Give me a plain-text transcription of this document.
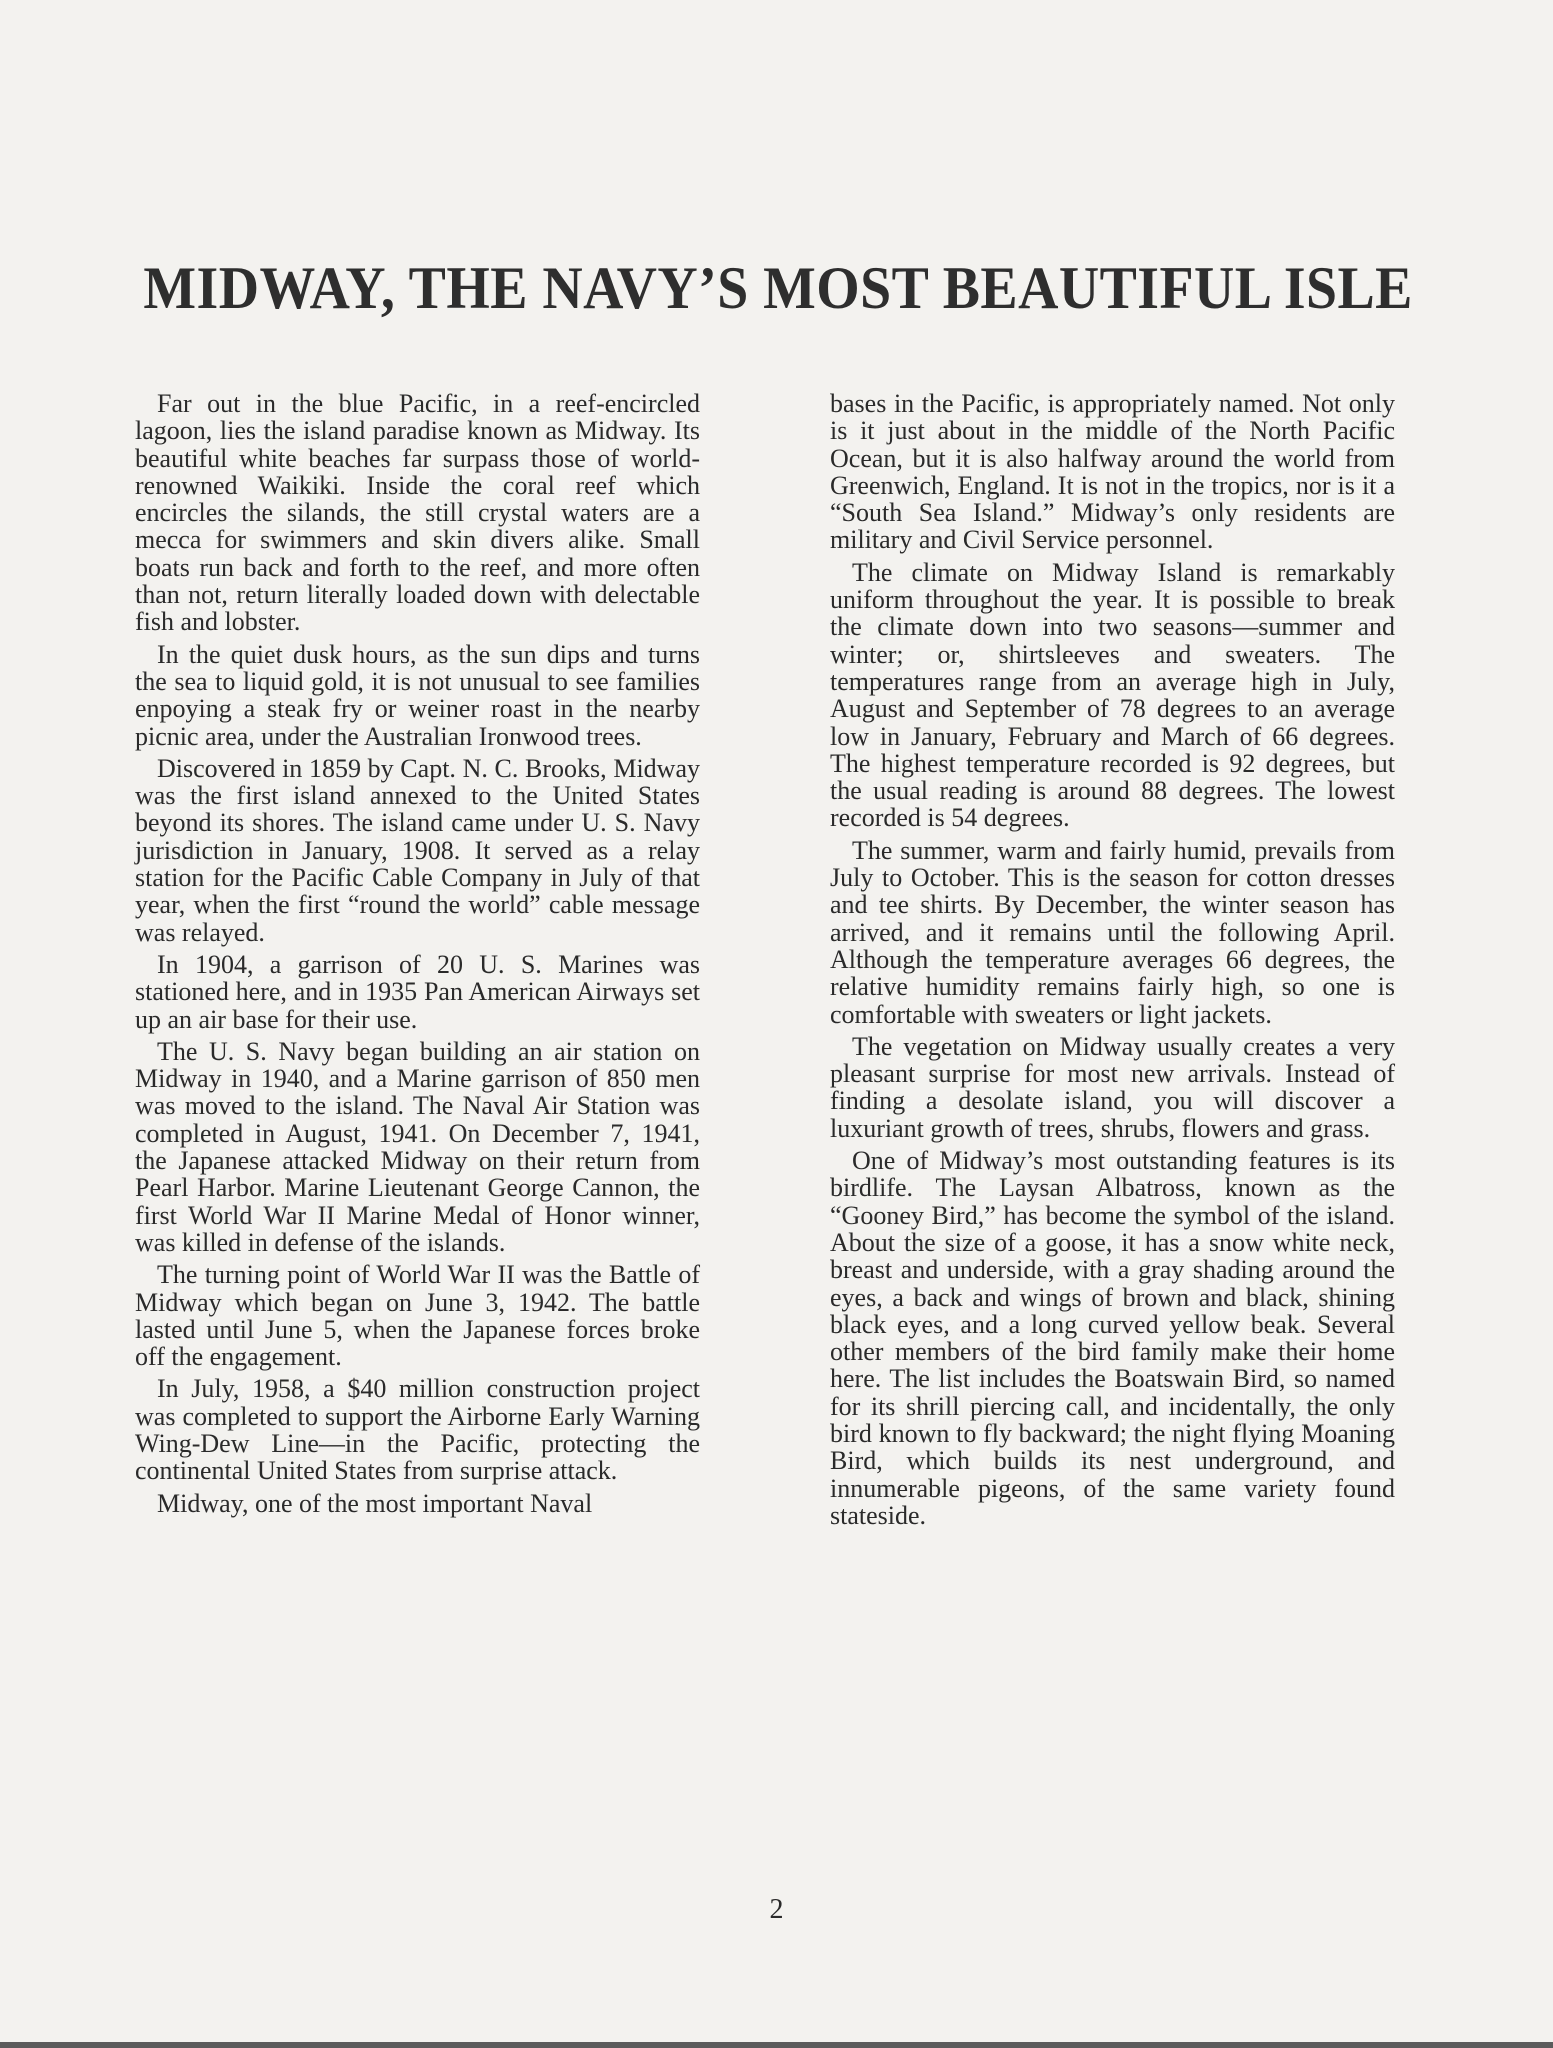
MIDWAY, THE NAVY’S MOST BEAUTIFUL ISLE

Far out in the blue Pacific, in a reef-encircled lagoon, lies the island paradise known as Midway. Its beautiful white beaches far surpass those of world-renowned Waikiki. Inside the coral reef which encircles the silands, the still crystal waters are a mecca for swimmers and skin divers alike. Small boats run back and forth to the reef, and more often than not, return literally loaded down with delectable fish and lobster.

In the quiet dusk hours, as the sun dips and turns the sea to liquid gold, it is not unusual to see families enpoying a steak fry or weiner roast in the nearby picnic area, under the Australian Ironwood trees.

Discovered in 1859 by Capt. N. C. Brooks, Midway was the first island annexed to the United States beyond its shores. The island came under U. S. Navy jurisdiction in January, 1908. It served as a relay station for the Pacific Cable Company in July of that year, when the first “round the world” cable message was relayed.

In 1904, a garrison of 20 U. S. Marines was stationed here, and in 1935 Pan American Airways set up an air base for their use.

The U. S. Navy began building an air station on Midway in 1940, and a Marine garrison of 850 men was moved to the island. The Naval Air Station was completed in August, 1941. On December 7, 1941, the Japanese attacked Midway on their return from Pearl Harbor. Marine Lieutenant George Cannon, the first World War II Marine Medal of Honor winner, was killed in defense of the islands.

The turning point of World War II was the Battle of Midway which began on June 3, 1942. The battle lasted until June 5, when the Japanese forces broke off the engagement.

In July, 1958, a $40 million construction project was completed to support the Airborne Early Warning Wing-Dew Line—in the Pacific, protecting the continental United States from surprise attack.

Midway, one of the most important Naval

bases in the Pacific, is appropriately named. Not only is it just about in the middle of the North Pacific Ocean, but it is also halfway around the world from Greenwich, England. It is not in the tropics, nor is it a “South Sea Island.” Midway’s only residents are military and Civil Service personnel.

The climate on Midway Island is remarkably uniform throughout the year. It is possible to break the climate down into two seasons—summer and winter; or, shirtsleeves and sweaters. The temperatures range from an average high in July, August and September of 78 degrees to an average low in January, February and March of 66 degrees. The highest temperature recorded is 92 degrees, but the usual reading is around 88 degrees. The lowest recorded is 54 degrees.

The summer, warm and fairly humid, prevails from July to October. This is the season for cotton dresses and tee shirts. By December, the winter season has arrived, and it remains until the following April. Although the temperature averages 66 degrees, the relative humidity remains fairly high, so one is comfortable with sweaters or light jackets.

The vegetation on Midway usually creates a very pleasant surprise for most new arrivals. Instead of finding a desolate island, you will discover a luxuriant growth of trees, shrubs, flowers and grass.

One of Midway’s most outstanding features is its birdlife. The Laysan Albatross, known as the “Gooney Bird,” has become the symbol of the island. About the size of a goose, it has a snow white neck, breast and underside, with a gray shading around the eyes, a back and wings of brown and black, shining black eyes, and a long curved yellow beak. Several other members of the bird family make their home here. The list includes the Boatswain Bird, so named for its shrill piercing call, and incidentally, the only bird known to fly backward; the night flying Moaning Bird, which builds its nest underground, and innumerable pigeons, of the same variety found stateside.

2
